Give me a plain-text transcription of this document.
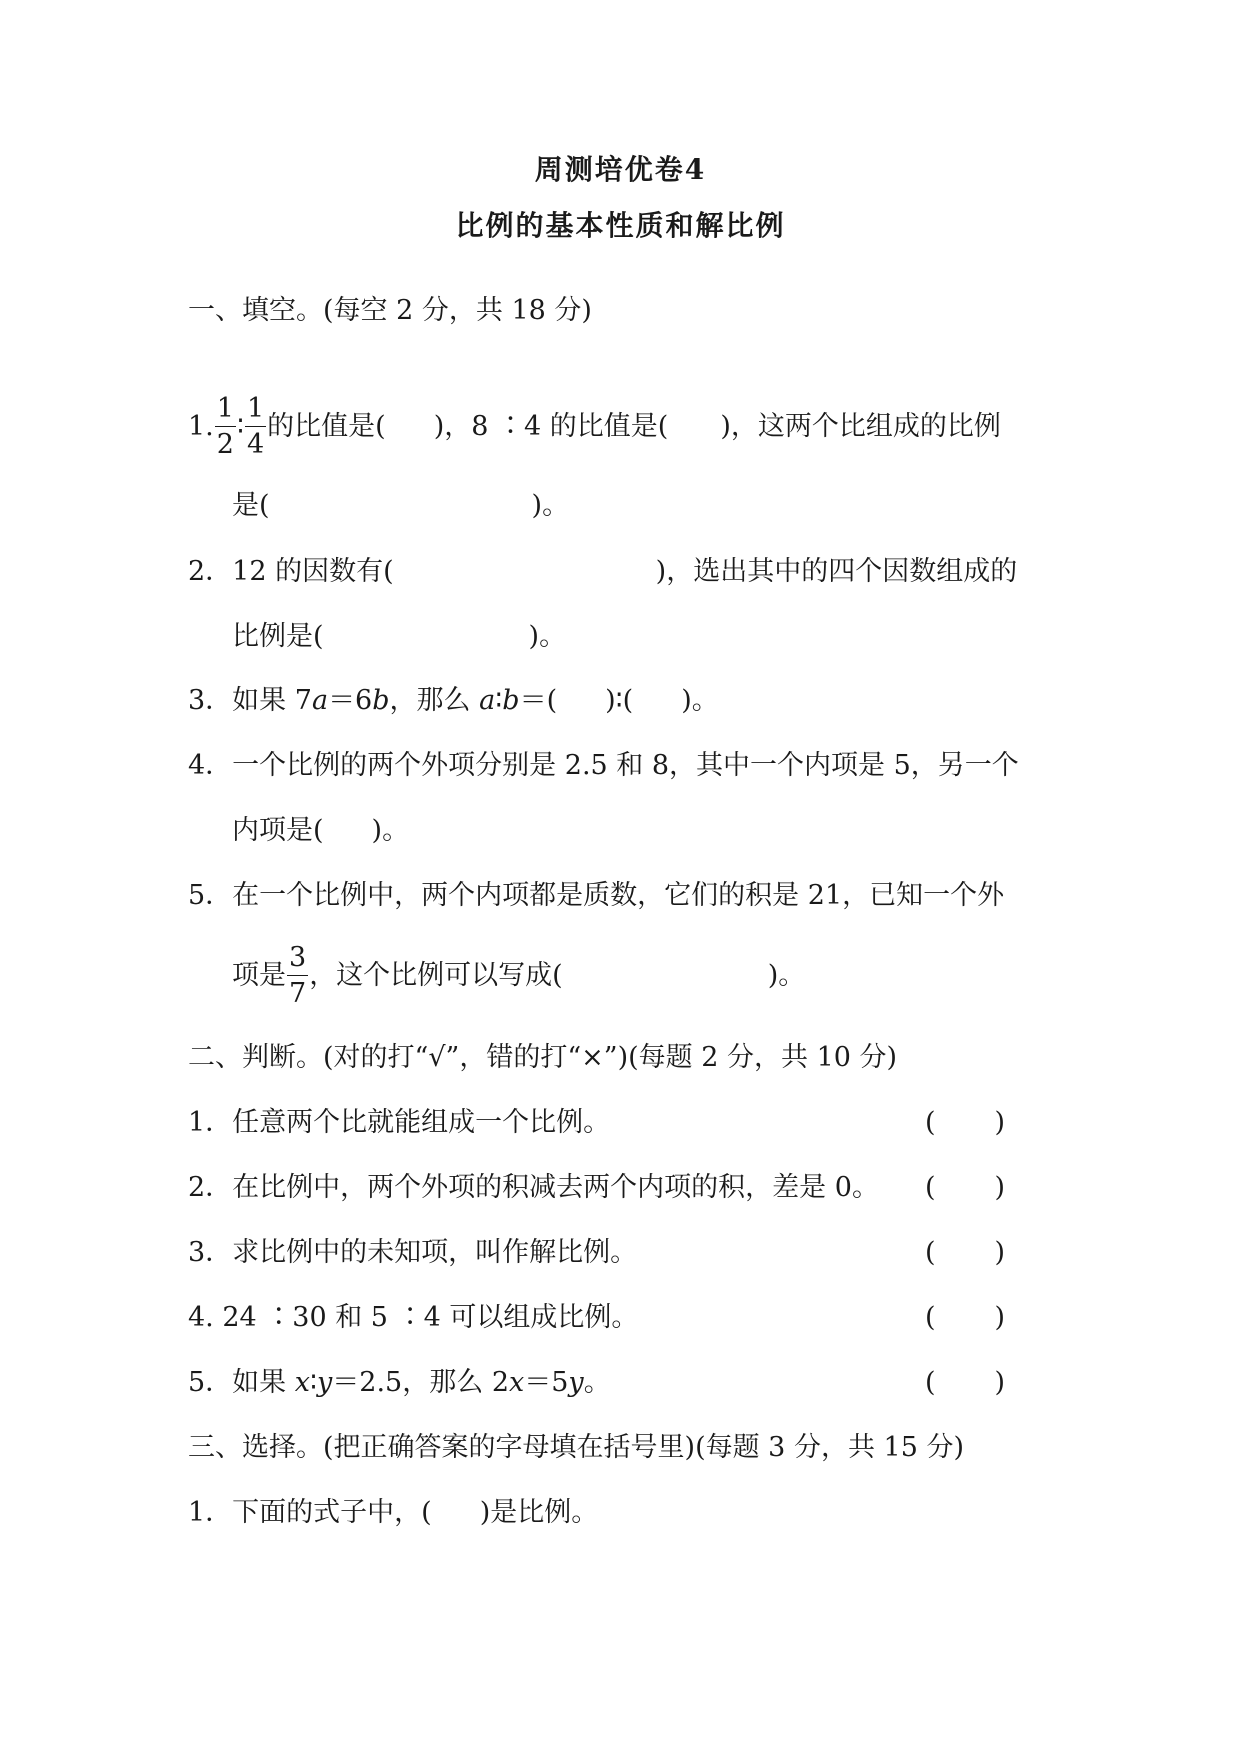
周测培优卷4
比例的基本性质和解比例
一、填空。(每空 2 分，共 18 分)
1. $\frac{1}{2}$ ∶ $\frac{1}{4}$ 的比值是( )，8 ∶4 的比值是( )，这两个比组成的比例
是(	)。
2．12 的因数有(	)，选出其中的四个因数组成的
比例是(	)。
3．如果 7a＝6b，那么 a∶b＝( )∶( )。
4．一个比例的两个外项分别是 2.5 和 8，其中一个内项是 5，另一个
内项是( )。
5．在一个比例中，两个内项都是质数，它们的积是 21，已知一个外
项是 $\frac{3}{7}$ ，这个比例可以写成(	)。
二、判断。(对的打“√”，错的打“×”)(每题 2 分，共 10 分)
1．任意两个比就能组成一个比例。	( )
2．在比例中，两个外项的积减去两个内项的积，差是 0。 ( )
3．求比例中的未知项，叫作解比例。	( )
4. 24 ∶30 和 5 ∶4 可以组成比例。	( )
5．如果 x∶y＝2.5，那么 2x＝5y。	( )
三、选择。(把正确答案的字母填在括号里)(每题 3 分，共 15 分)
1．下面的式子中，( )是比例。
